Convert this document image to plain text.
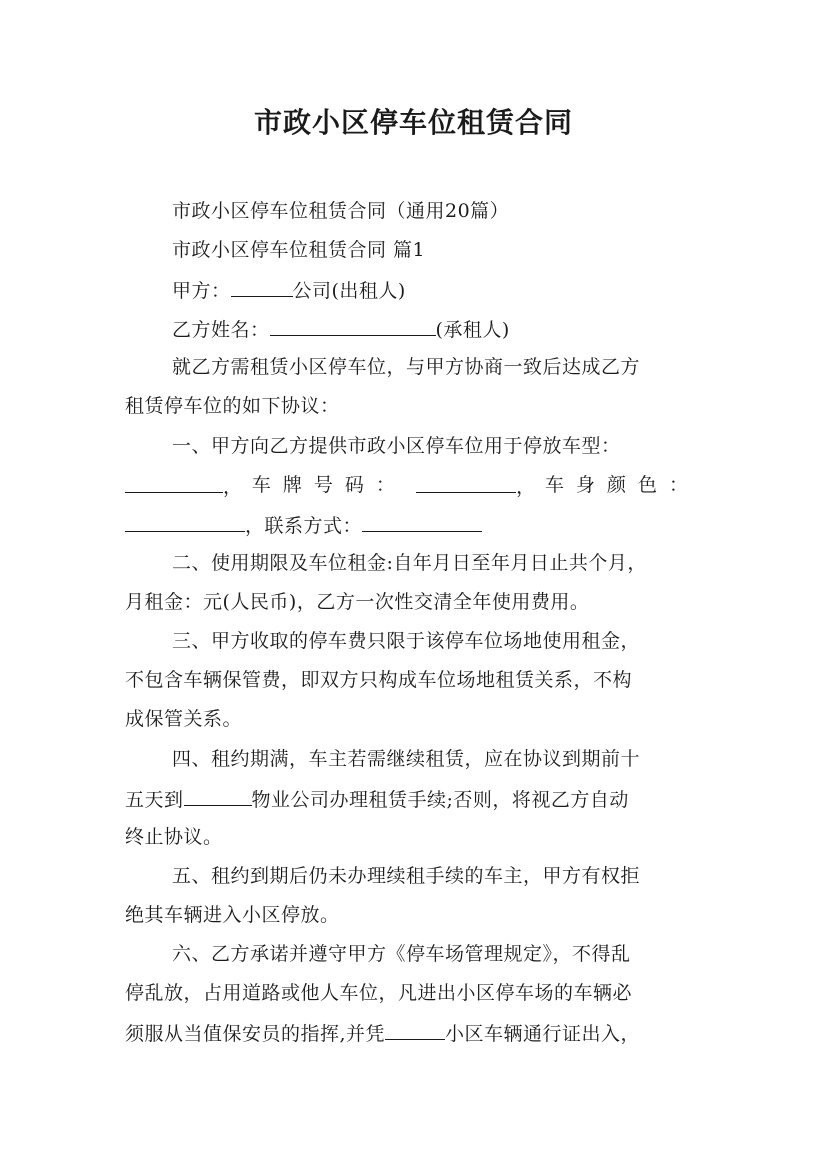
市政小区停车位租赁合同
市政小区停车位租赁合同（通用20篇）
市政小区停车位租赁合同 篇1
甲方：	公司(出租人)
乙方姓名：	(承租人)
就乙方需租赁小区停车位，与甲方协商一致后达成乙方
租赁停车位的如下协议：
一、甲方向乙方提供市政小区停车位用于停放车型：
， 车牌号码：	， 车身颜色：
，联系方式：
二、使用期限及车位租金:自年月日至年月日止共个月，
月租金：元(人民币)，乙方一次性交清全年使用费用。
三、甲方收取的停车费只限于该停车位场地使用租金，
不包含车辆保管费，即双方只构成车位场地租赁关系，不构
成保管关系。
四、租约期满，车主若需继续租赁，应在协议到期前十
五天到	物业公司办理租赁手续;否则，将视乙方自动
终止协议。
五、租约到期后仍未办理续租手续的车主，甲方有权拒
绝其车辆进入小区停放。
六、乙方承诺并遵守甲方《停车场管理规定》，不得乱
停乱放，占用道路或他人车位，凡进出小区停车场的车辆必
须服从当值保安员的指挥,并凭	小区车辆通行证出入，
